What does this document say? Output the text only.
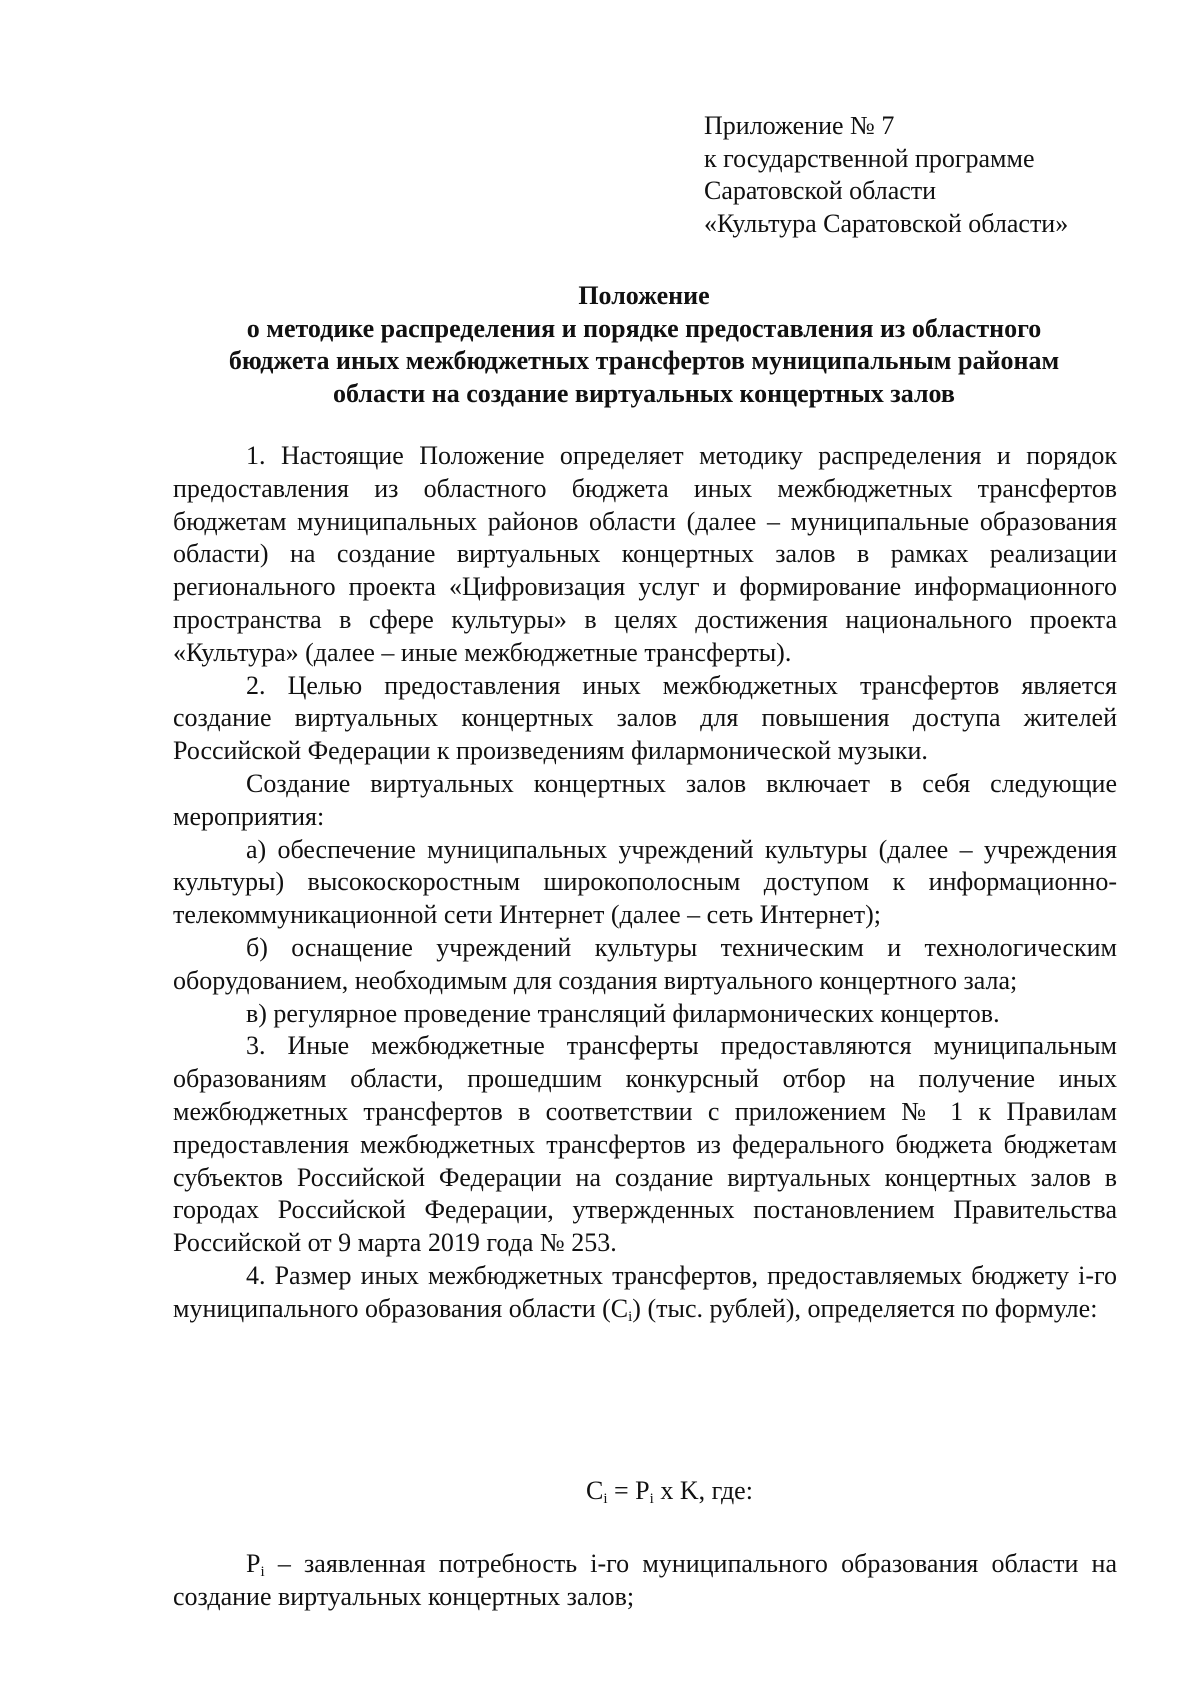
Приложение № 7
к государственной программе
Саратовской области
«Культура Саратовской области»
Положение
о методике распределения и порядке предоставления из областного
бюджета иных межбюджетных трансфертов муниципальным районам
области на создание виртуальных концертных залов

1. Настоящие Положение определяет методику распределения и порядок предоставления из областного бюджета иных межбюджетных трансфертов бюджетам муниципальных районов области (далее – муниципальные образования области) на создание виртуальных концертных залов в рамках реализации регионального проекта «Цифровизация услуг и формирование информационного пространства в сфере культуры» в целях достижения национального проекта «Культура» (далее – иные межбюджетные трансферты).

2. Целью предоставления иных межбюджетных трансфертов является создание виртуальных концертных залов для повышения доступа жителей Российской Федерации к произведениям филармонической музыки.

Создание виртуальных концертных залов включает в себя следующие мероприятия:

а) обеспечение муниципальных учреждений культуры (далее – учреждения культуры) высокоскоростным широкополосным доступом к информационно-телекоммуникационной сети Интернет (далее – сеть Интернет);

б) оснащение учреждений культуры техническим и технологическим оборудованием, необходимым для создания виртуального концертного зала;

в) регулярное проведение трансляций филармонических концертов.

3. Иные межбюджетные трансферты предоставляются муниципальным образованиям области, прошедшим конкурсный отбор на получение иных межбюджетных трансфертов в соответствии с приложением № 1 к Правилам предоставления межбюджетных трансфертов из федерального бюджета бюджетам субъектов Российской Федерации на создание виртуальных концертных залов в городах Российской Федерации, утвержденных постановлением Правительства Российской от 9 марта 2019 года № 253.

4. Размер иных межбюджетных трансфертов, предоставляемых бюджету i-го муниципального образования области $(C_i)$ (тыс. рублей), определяется по формуле:

$C_i = P_i$ x K, где:

$P_i$ – заявленная потребность i-го муниципального образования области на создание виртуальных концертных залов;
